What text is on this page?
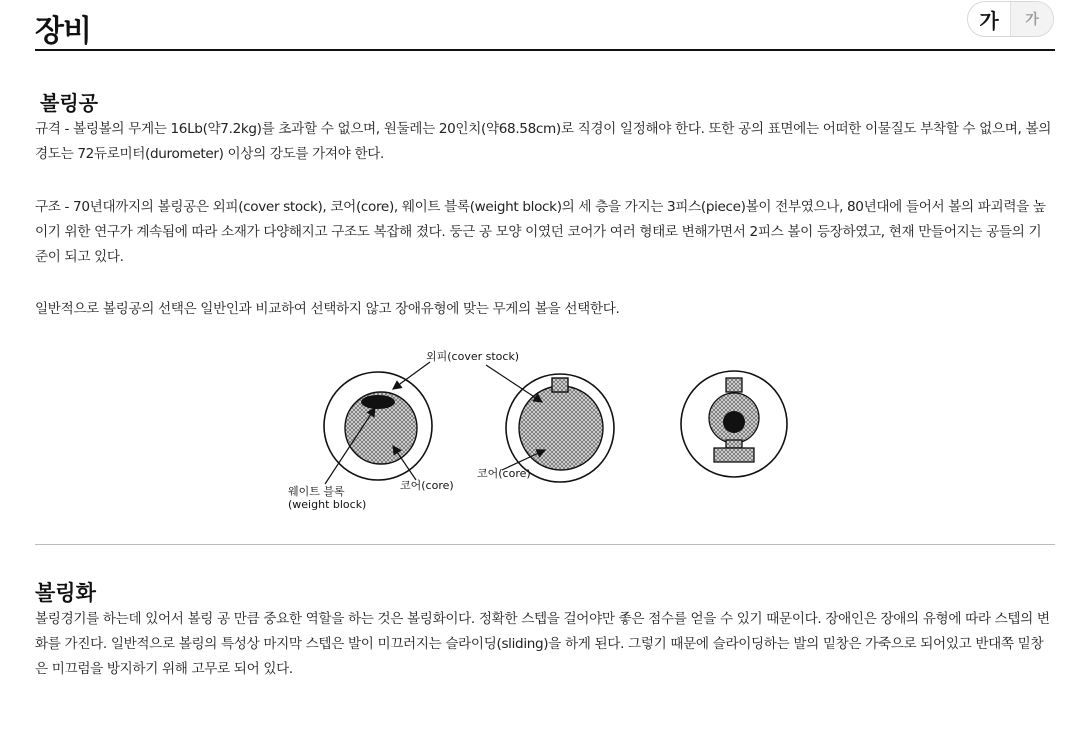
장비	가	가
볼링공

규격 - 볼링볼의 무게는 16Lb(약7.2kg)를 초과할 수 없으며, 원둘레는 20인치(약68.58cm)로 직경이 일정해야 한다. 또한 공의 표면에는 어떠한 이물질도 부착할 수 없으며, 볼의경도는 72듀로미터(durometer) 이상의 강도를 가져야 한다.

구조 - 70년대까지의 볼링공은 외피(cover stock), 코어(core), 웨이트 블록(weight block)의 세 층을 가지는 3피스(piece)볼이 전부였으나, 80년대에 들어서 볼의 파괴력을 높이기 위한 연구가 계속됨에 따라 소재가 다양해지고 구조도 복잡해 졌다. 둥근 공 모양 이였던 코어가 여러 형태로 변해가면서 2피스 볼이 등장하였고, 현재 만들어지는 공들의 기준이 되고 있다.

일반적으로 볼링공의 선택은 일반인과 비교하여 선택하지 않고 장애유형에 맞는 무게의 볼을 선택한다.

외피(cover stock)
코어(core)
코어(core)
웨이트 블록
(weight block)
볼링화

볼링경기를 하는데 있어서 볼링 공 만큼 중요한 역할을 하는 것은 볼링화이다. 정확한 스텝을 걸어야만 좋은 점수를 얻을 수 있기 때문이다. 장애인은 장애의 유형에 따라 스텝의 변화를 가진다. 일반적으로 볼링의 특성상 마지막 스텝은 발이 미끄러지는 슬라이딩(sliding)을 하게 된다. 그렇기 때문에 슬라이딩하는 발의 밑창은 가죽으로 되어있고 반대쪽 밑창은 미끄럼을 방지하기 위해 고무로 되어 있다.
